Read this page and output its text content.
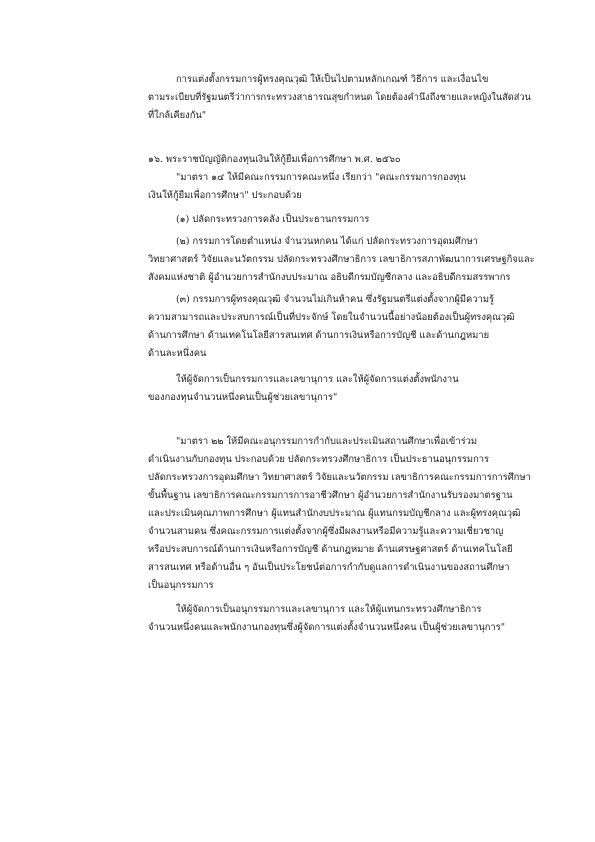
การแต่งตั้งกรรมการผู้ทรงคุณวุฒิ ให้เป็นไปตามหลักเกณฑ์ วิธีการ และเงื่อนไข
ตามระเบียบที่รัฐมนตรีว่าการกระทรวงสาธารณสุขกำหนด โดยต้องคำนึงถึงชายและหญิงในสัดส่วน
ที่ใกล้เคียงกัน"
๑๖. พระราชบัญญัติกองทุนเงินให้กู้ยืมเพื่อการศึกษา พ.ศ. ๒๕๖๐
"มาตรา ๑๔ ให้มีคณะกรรมการคณะหนึ่ง เรียกว่า "คณะกรรมการกองทุน
เงินให้กู้ยืมเพื่อการศึกษา" ประกอบด้วย
(๑) ปลัดกระทรวงการคลัง เป็นประธานกรรมการ
(๒) กรรมการโดยตำแหน่ง จำนวนหกคน ได้แก่ ปลัดกระทรวงการอุดมศึกษา
วิทยาศาสตร์ วิจัยและนวัตกรรม ปลัดกระทรวงศึกษาธิการ เลขาธิการสภาพัฒนาการเศรษฐกิจและ
สังคมแห่งชาติ ผู้อำนวยการสำนักงบประมาณ อธิบดีกรมบัญชีกลาง และอธิบดีกรมสรรพากร
(๓) กรรมการผู้ทรงคุณวุฒิ จำนวนไม่เกินห้าคน ซึ่งรัฐมนตรีแต่งตั้งจากผู้มีความรู้
ความสามารถและประสบการณ์เป็นที่ประจักษ์ โดยในจำนวนนี้อย่างน้อยต้องเป็นผู้ทรงคุณวุฒิ
ด้านการศึกษา ด้านเทคโนโลยีสารสนเทศ ด้านการเงินหรือการบัญชี และด้านกฎหมาย
ด้านละหนึ่งคน
ให้ผู้จัดการเป็นกรรมการและเลขานุการ และให้ผู้จัดการแต่งตั้งพนักงาน
ของกองทุนจำนวนหนึ่งคนเป็นผู้ช่วยเลขานุการ"
"มาตรา ๒๒ ให้มีคณะอนุกรรมการกำกับและประเมินสถานศึกษาเพื่อเข้าร่วม
ดำเนินงานกับกองทุน ประกอบด้วย ปลัดกระทรวงศึกษาธิการ เป็นประธานอนุกรรมการ
ปลัดกระทรวงการอุดมศึกษา วิทยาศาสตร์ วิจัยและนวัตกรรม เลขาธิการคณะกรรมการการศึกษา
ขั้นพื้นฐาน เลขาธิการคณะกรรมการการอาชีวศึกษา ผู้อำนวยการสำนักงานรับรองมาตรฐาน
และประเมินคุณภาพการศึกษา ผู้แทนสำนักงบประมาณ ผู้แทนกรมบัญชีกลาง และผู้ทรงคุณวุฒิ
จำนวนสามคน ซึ่งคณะกรรมการแต่งตั้งจากผู้ซึ่งมีผลงานหรือมีความรู้และความเชี่ยวชาญ
หรือประสบการณ์ด้านการเงินหรือการบัญชี ด้านกฎหมาย ด้านเศรษฐศาสตร์ ด้านเทคโนโลยี
สารสนเทศ หรือด้านอื่น ๆ อันเป็นประโยชน์ต่อการกำกับดูแลการดำเนินงานของสถานศึกษา
เป็นอนุกรรมการ
ให้ผู้จัดการเป็นอนุกรรมการและเลขานุการ และให้ผู้แทนกระทรวงศึกษาธิการ
จำนวนหนึ่งคนและพนักงานกองทุนซึ่งผู้จัดการแต่งตั้งจำนวนหนึ่งคน เป็นผู้ช่วยเลขานุการ"
